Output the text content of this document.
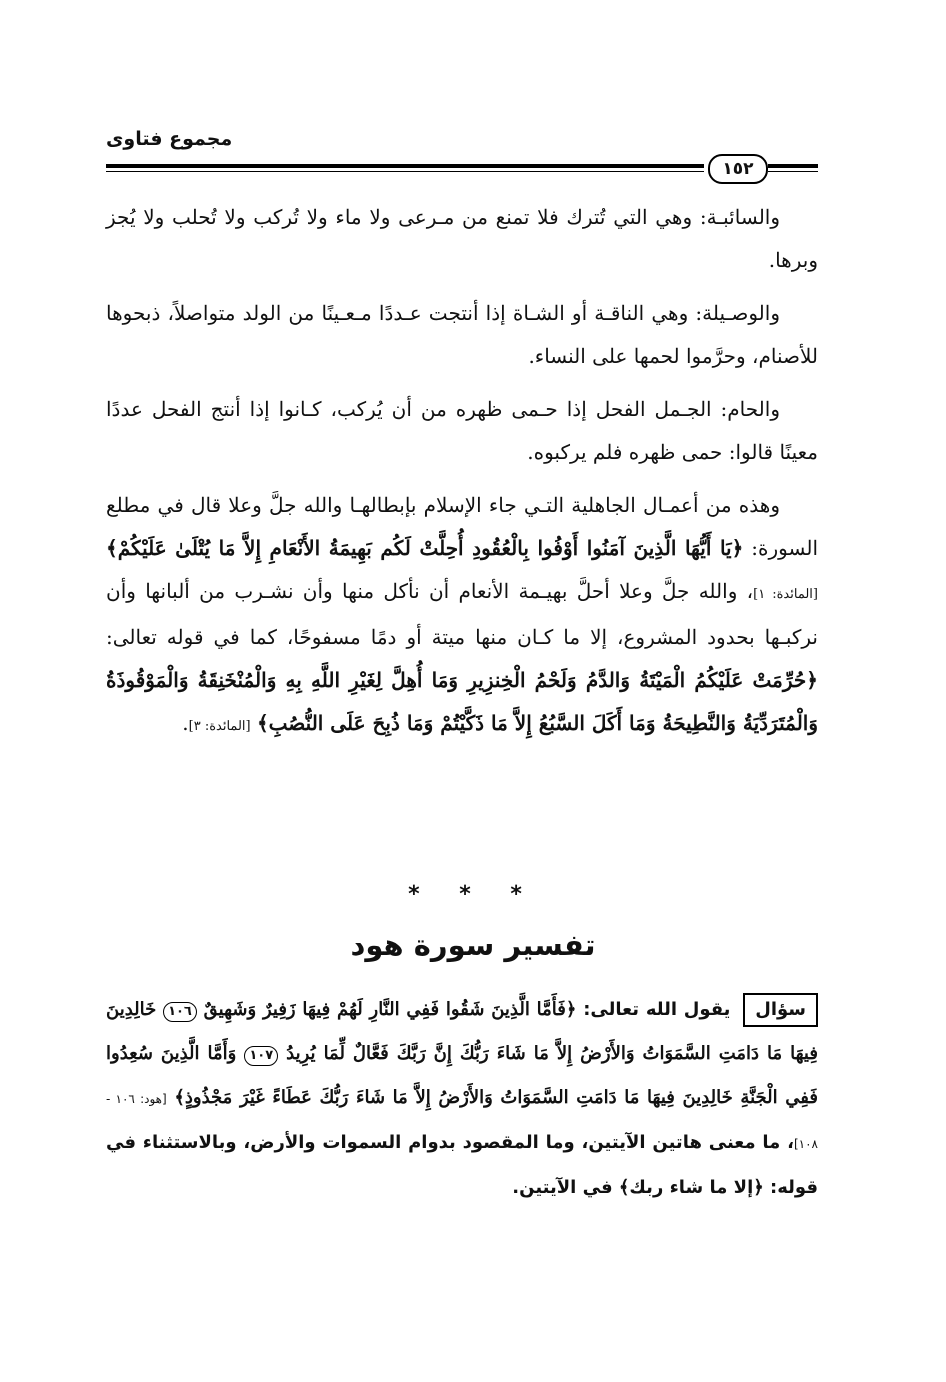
مجموع فتاوى
١٥٢

والسائبـة: وهي التي تُترك فلا تمنع من مـرعى ولا ماء ولا تُركب ولا تُحلب ولا يُجز وبرها.

والوصـيلة: وهي الناقـة أو الشـاة إذا أنتجت عـددًا مـعـينًا من الولد متواصلاً، ذبحوها للأصنام، وحرَّموا لحمها على النساء.

والحام: الجـمل الفحل إذا حـمى ظهره من أن يُركب، كـانوا إذا أنتج الفحل عددًا معينًا قالوا: حمى ظهره فلم يركبوه.

وهذه من أعمـال الجاهلية التـي جاء الإسلام بإبطالهـا والله جلَّ وعلا قال في مطلع السورة: ﴿يَا أَيُّهَا الَّذِينَ آمَنُوا أَوْفُوا بِالْعُقُودِ أُحِلَّتْ لَكُم بَهِيمَةُ الأَنْعَامِ إِلاَّ مَا يُتْلَىٰ عَلَيْكُمْ﴾ [المائدة: ١]، والله جلَّ وعلا أحلَّ بهيـمة الأنعام أن نأكل منها وأن نشـرب من ألبانها وأن نركبـها بحدود المشروع، إلا ما كـان منها ميتة أو دمًا مسفوحًا، كما في قوله تعالى: ﴿حُرِّمَتْ عَلَيْكُمُ الْمَيْتَةُ وَالدَّمُ وَلَحْمُ الْخِنزِيرِ وَمَا أُهِلَّ لِغَيْرِ اللَّهِ بِهِ وَالْمُنْخَنِقَةُ وَالْمَوْقُوذَةُ وَالْمُتَرَدِّيَةُ وَالنَّطِيحَةُ وَمَا أَكَلَ السَّبُعُ إِلاَّ مَا ذَكَّيْتُمْ وَمَا ذُبِحَ عَلَى النُّصُبِ﴾ [المائدة: ٣].

* * *
تفسير سورة هود
سؤال يقول الله تعالى: ﴿فَأَمَّا الَّذِينَ شَقُوا فَفِي النَّارِ لَهُمْ فِيهَا زَفِيرٌ وَشَهِيقٌ ١٠٦ خَالِدِينَ فِيهَا مَا دَامَتِ السَّمَوَاتُ وَالأَرْضُ إِلاَّ مَا شَاءَ رَبُّكَ إِنَّ رَبَّكَ فَعَّالٌ لِّمَا يُرِيدُ ١٠٧ وَأَمَّا الَّذِينَ سُعِدُوا فَفِي الْجَنَّةِ خَالِدِينَ فِيهَا مَا دَامَتِ السَّمَوَاتُ وَالأَرْضُ إِلاَّ مَا شَاءَ رَبُّكَ عَطَاءً غَيْرَ مَجْذُوذٍ﴾ [هود: ١٠٦ - ١٠٨]، ما معنى هاتين الآيتين، وما المقصود بدوام السموات والأرض، وبالاستثناء في قوله: ﴿إلا ما شاء ربك﴾ في الآيتين.
